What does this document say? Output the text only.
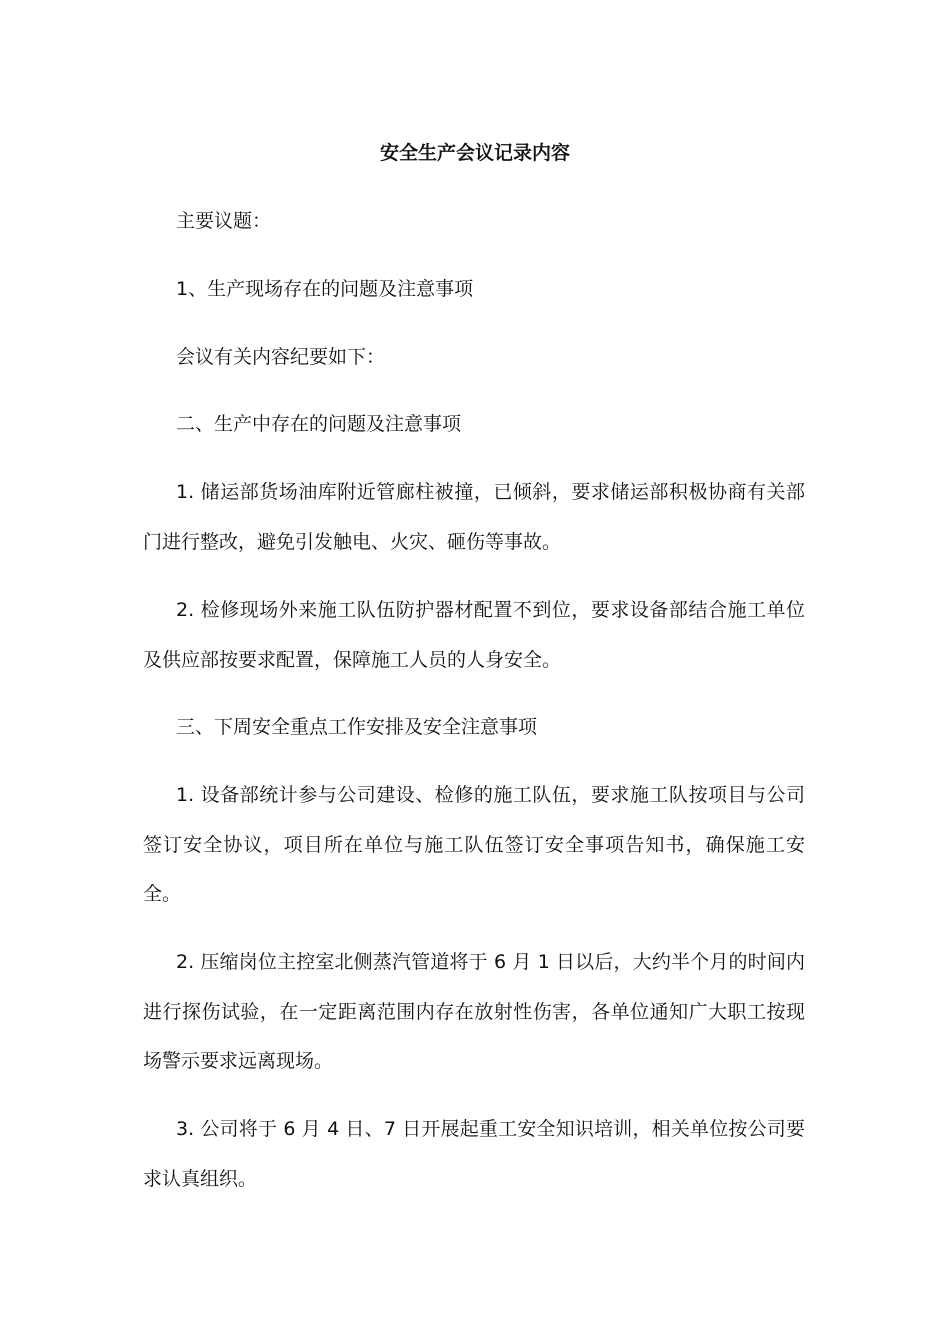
安全生产会议记录内容
主要议题：
1、生产现场存在的问题及注意事项
会议有关内容纪要如下：
二、生产中存在的问题及注意事项
1. 储运部货场油库附近管廊柱被撞，已倾斜，要求储运部积极协商有关部门进行整改，避免引发触电、火灾、砸伤等事故。
2. 检修现场外来施工队伍防护器材配置不到位，要求设备部结合施工单位及供应部按要求配置，保障施工人员的人身安全。
三、下周安全重点工作安排及安全注意事项
1. 设备部统计参与公司建设、检修的施工队伍，要求施工队按项目与公司签订安全协议，项目所在单位与施工队伍签订安全事项告知书，确保施工安全。
2. 压缩岗位主控室北侧蒸汽管道将于 6 月 1 日以后，大约半个月的时间内进行探伤试验，在一定距离范围内存在放射性伤害，各单位通知广大职工按现场警示要求远离现场。
3. 公司将于 6 月 4 日、7 日开展起重工安全知识培训，相关单位按公司要求认真组织。
